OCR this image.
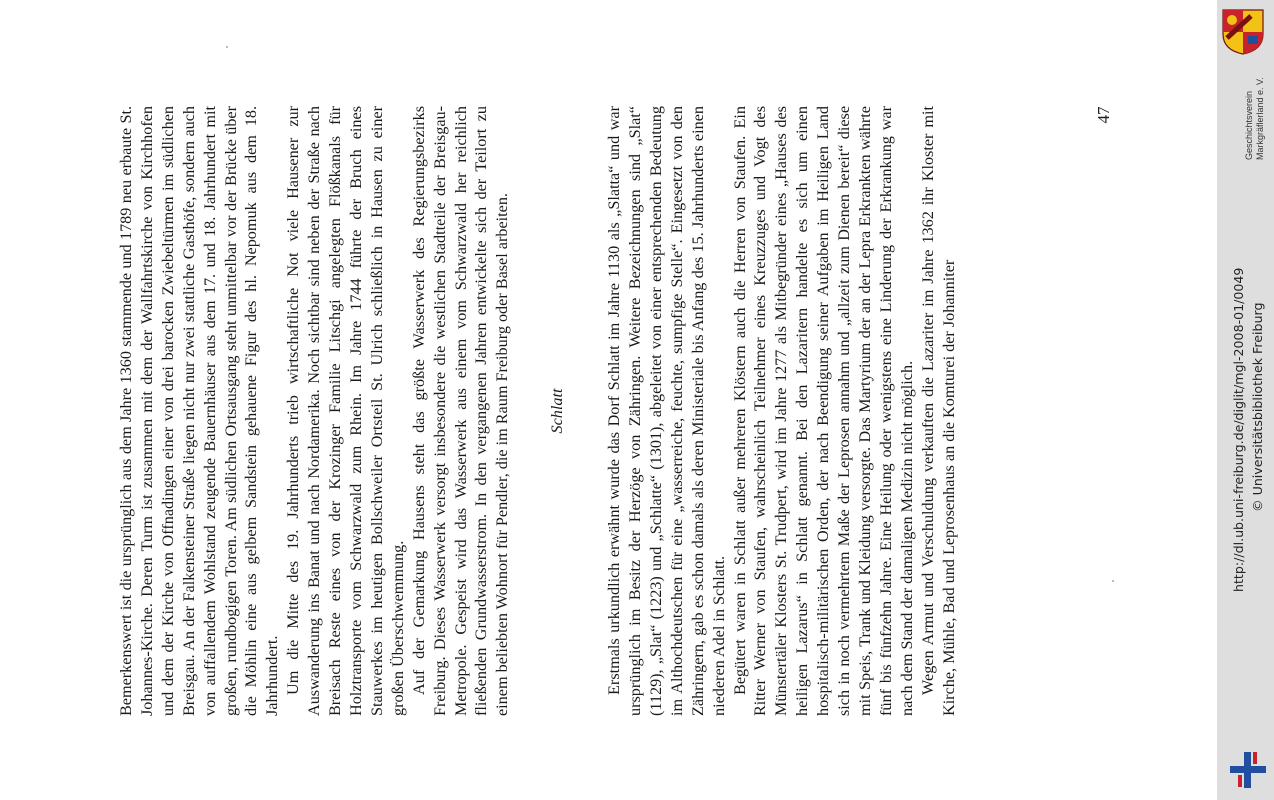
Bemerkenswert ist die ursprünglich aus dem Jahre 1360 stammende und 1789 neu erbaute St. Johannes-Kirche. Deren Turm ist zusammen mit dem der Wallfahrtskirche von Kirchhofen und dem der Kirche von Offnadingen einer von drei barocken Zwiebeltürmen im südlichen Breisgau. An der Falkensteiner Straße liegen nicht nur zwei stattliche Gasthöfe, sondern auch von auffallendem Wohlstand zeugende Bauernhäuser aus dem 17. und 18. Jahrhundert mit großen, rundbogigen Toren. Am südlichen Ortsausgang steht unmittelbar vor der Brücke über die Möhlin eine aus gelbem Sandstein gehauene Figur des hl. Nepomuk aus dem 18. Jahrhundert. Um die Mitte des 19. Jahrhunderts trieb wirtschaftliche Not viele Hausener zur Auswanderung ins Banat und nach Nordamerika. Noch sichtbar sind neben der Straße nach Breisach Reste eines von der Krozinger Familie Litschgi angelegten Flößkanals für Holztransporte vom Schwarzwald zum Rhein. Im Jahre 1744 führte der Bruch eines Stauwerkes im heutigen Bollschweiler Ortsteil St. Ulrich schließlich in Hausen zu einer großen Überschwemmung. Auf der Gemarkung Hausens steht das größte Wasserwerk des Regierungsbezirks Freiburg. Dieses Wasserwerk versorgt insbesondere die westlichen Stadtteile der Breisgau-Metropole. Gespeist wird das Wasserwerk aus einem vom Schwarzwald her reichlich fließenden Grundwasserstrom. In den vergangenen Jahren entwickelte sich der Teilort zu einem beliebten Wohnort für Pendler, die im Raum Freiburg oder Basel arbeiten. Schlatt Erstmals urkundlich erwähnt wurde das Dorf Schlatt im Jahre 1130 als „Slatta“ und war ursprünglich im Besitz der Herzöge von Zähringen. Weitere Bezeichnungen sind „Slat“ (1129), „Slat“ (1223) und „Schlatte“ (1301), abgeleitet von einer entsprechenden Bedeutung im Althochdeutschen für eine „wasserreiche, feuchte, sumpfige Stelle“. Eingesetzt von den Zähringern, gab es schon damals als deren Ministeriale bis Anfang des 15. Jahrhunderts einen niederen Adel in Schlatt. Begütert waren in Schlatt außer mehreren Klöstern auch die Herren von Staufen. Ein Ritter Werner von Staufen, wahrscheinlich Teilnehmer eines Kreuzzuges und Vogt des Münstertäler Klosters St. Trudpert, wird im Jahre 1277 als Mitbegründer eines „Hauses des heiligen Lazarus“ in Schlatt genannt. Bei den Lazaritern handelte es sich um einen hospitalisch-militärischen Orden, der nach Beendigung seiner Aufgaben im Heiligen Land sich in noch vermehrtem Maße der Leprosen annahm und „allzeit zum Dienen bereit“ diese mit Speis, Trank und Kleidung versorgte. Das Martyrium der an der Lepra Erkrankten währte fünf bis fünfzehn Jahre. Eine Heilung oder wenigstens eine Linderung der Erkrankung war nach dem Stand der damaligen Medizin nicht möglich. Wegen Armut und Verschuldung verkauften die Lazariter im Jahre 1362 ihr Kloster mit Kirche, Mühle, Bad und Leprosenhaus an die Komturei der Johanniter

47	Geschichtsverein Markgräflerland e. V.
© Universitätsbibliothek Freiburg
http://dl.ub.uni-freiburg.de/diglit/mgl-2008-01/0049
